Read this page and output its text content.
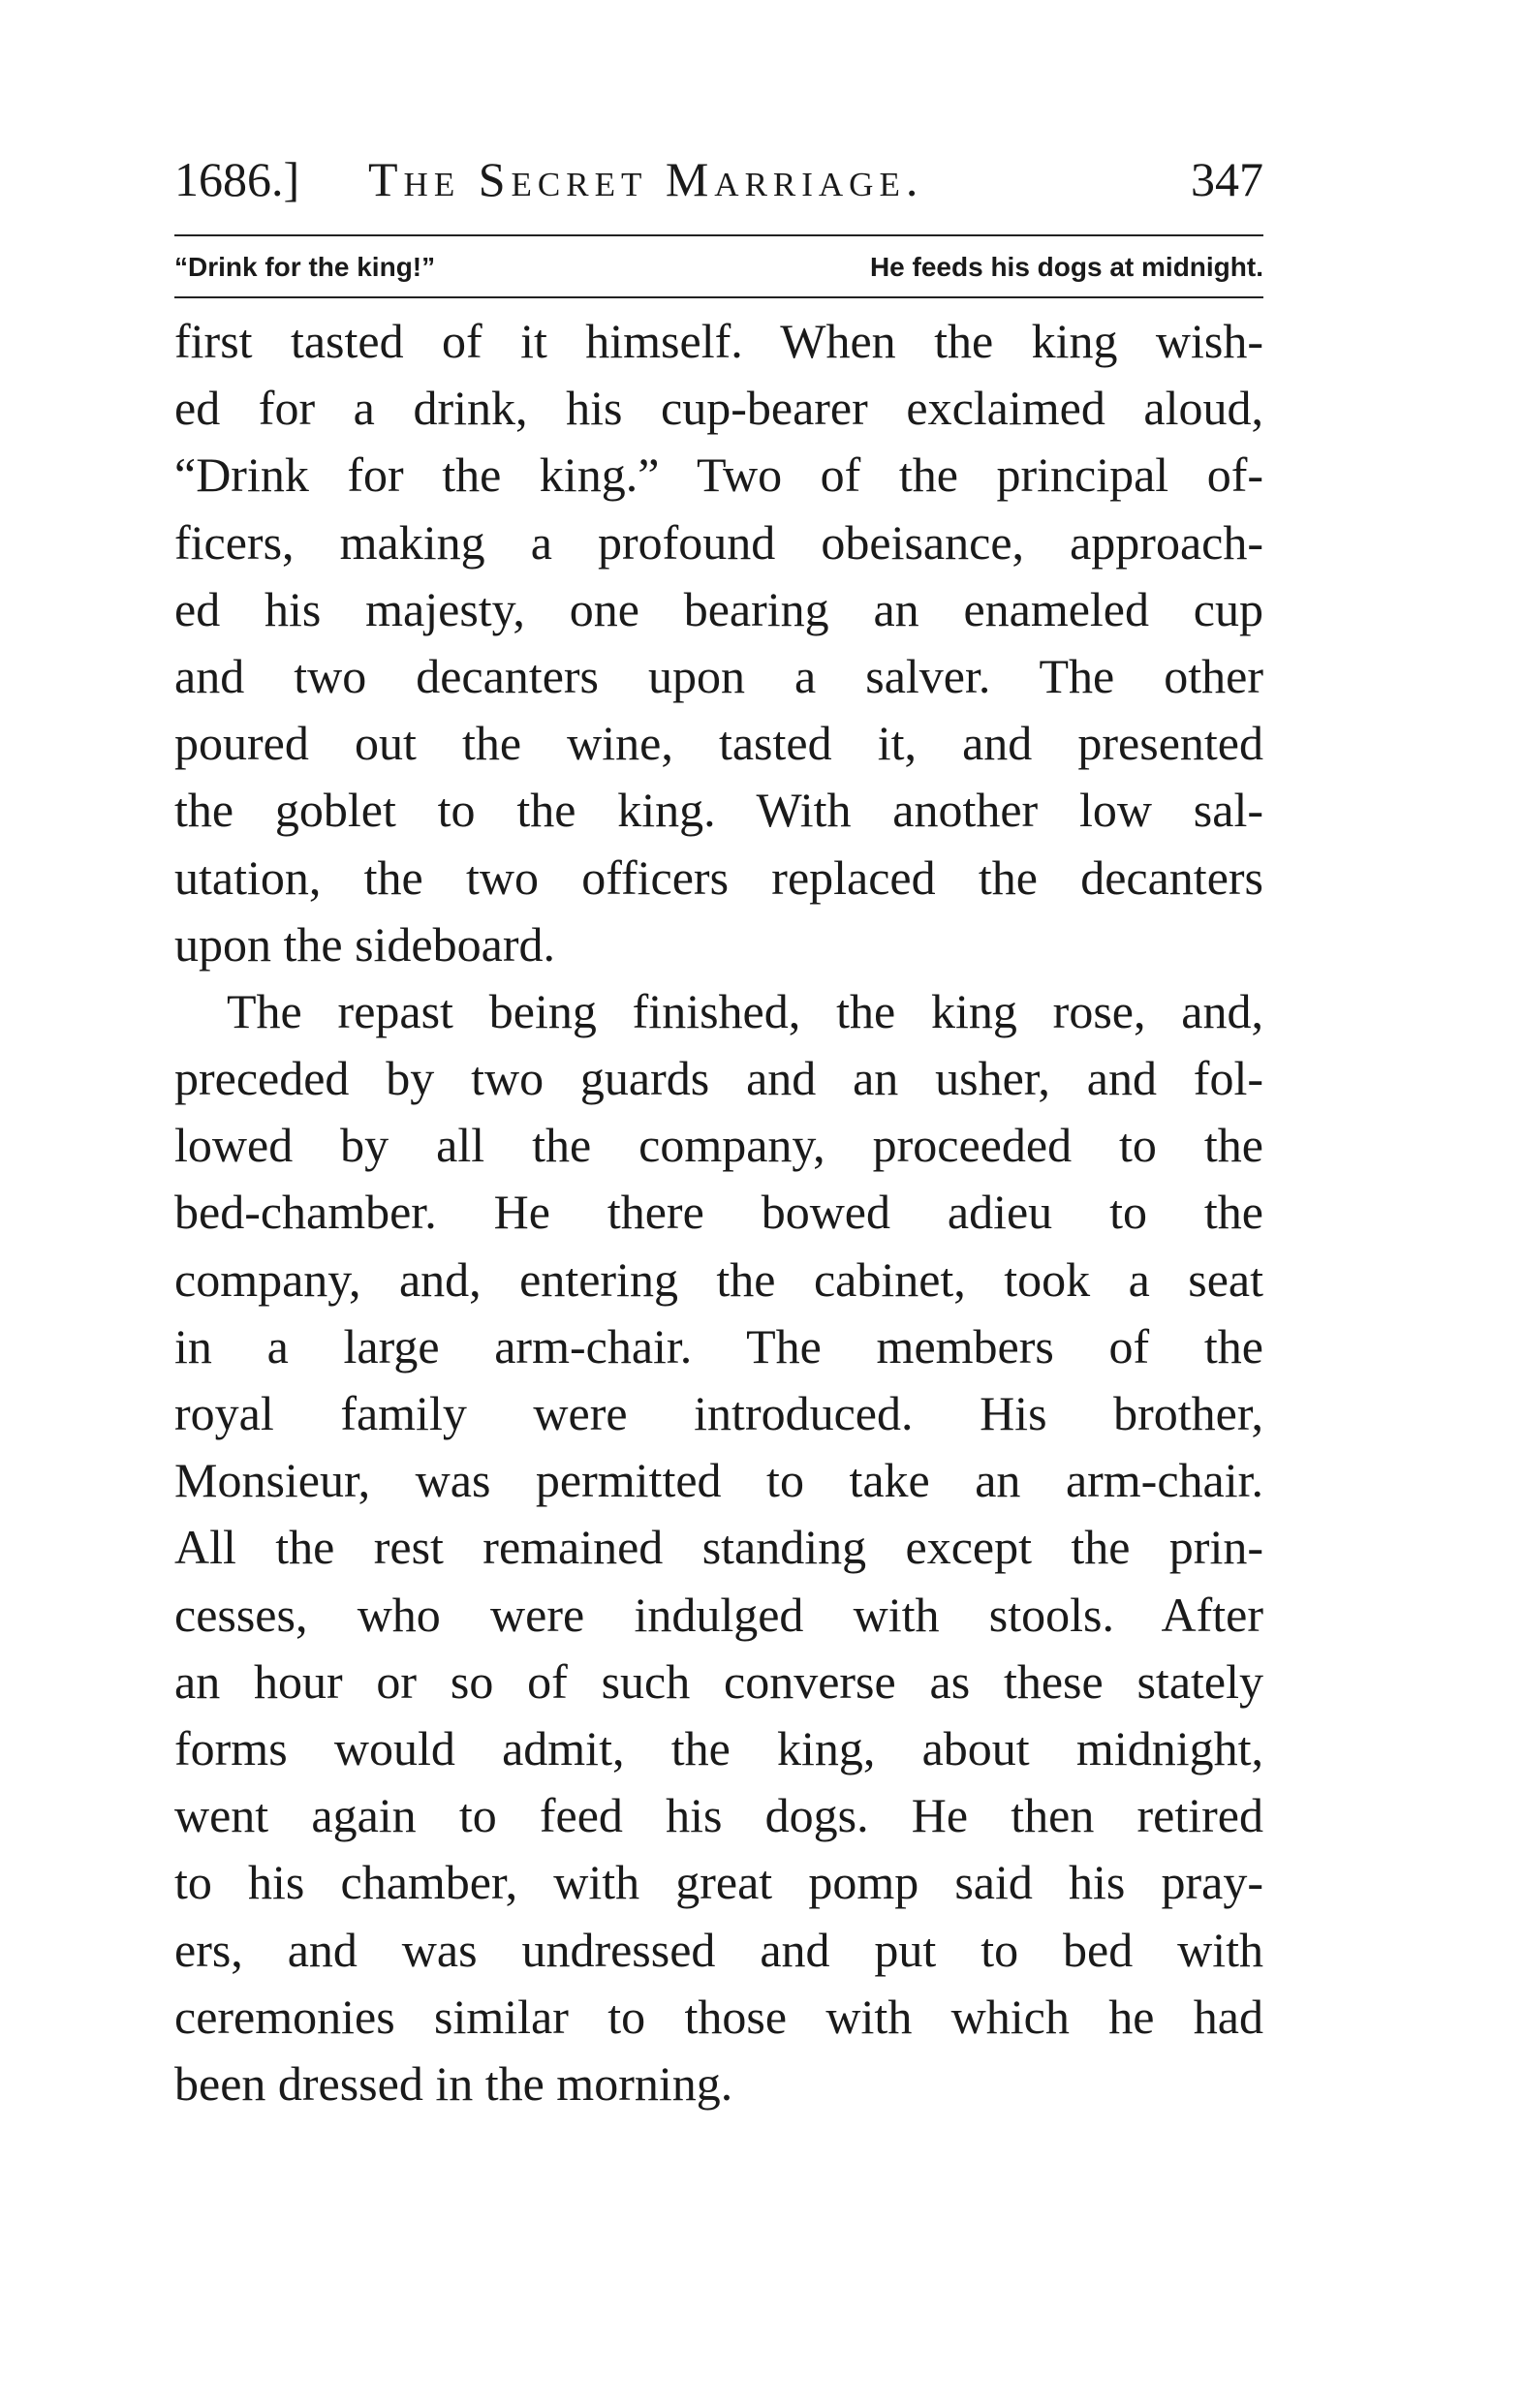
1686.] The Secret Marriage.	347
“Drink for the king!”	He feeds his dogs at midnight.
first tasted of it himself. When the king wish-
ed for a drink, his cup-bearer exclaimed aloud,
“Drink for the king.” Two of the principal of-
ficers, making a profound obeisance, approach-
ed his majesty, one bearing an enameled cup
and two decanters upon a salver. The other
poured out the wine, tasted it, and presented
the goblet to the king. With another low sal-
utation, the two officers replaced the decanters
upon the sideboard.
The repast being finished, the king rose, and,
preceded by two guards and an usher, and fol-
lowed by all the company, proceeded to the
bed-chamber. He there bowed adieu to the
company, and, entering the cabinet, took a seat
in a large arm-chair. The members of the
royal family were introduced. His brother,
Monsieur, was permitted to take an arm-chair.
All the rest remained standing except the prin-
cesses, who were indulged with stools. After
an hour or so of such converse as these stately
forms would admit, the king, about midnight,
went again to feed his dogs. He then retired
to his chamber, with great pomp said his pray-
ers, and was undressed and put to bed with
ceremonies similar to those with which he had
been dressed in the morning.
